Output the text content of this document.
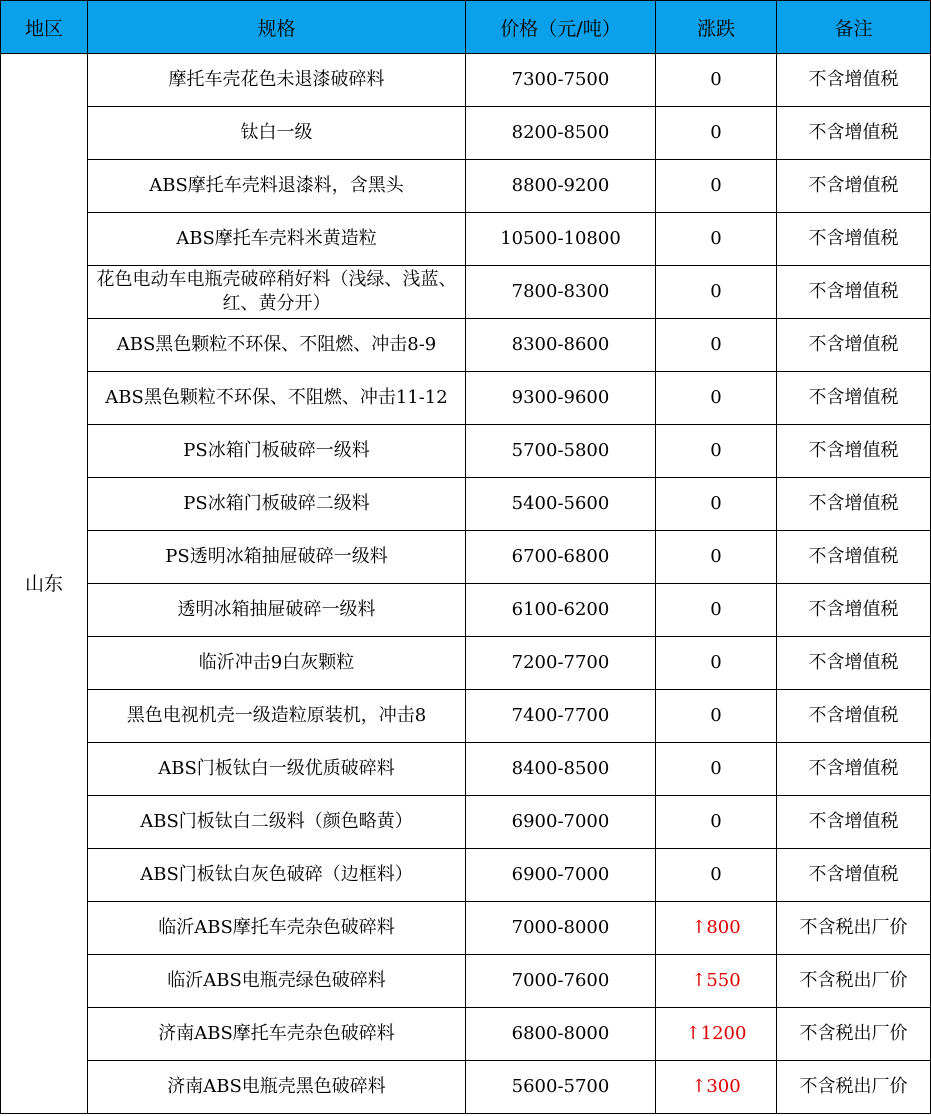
地区	规格	价格（元/吨）	涨跌	备注
山东	摩托车壳花色未退漆破碎料	7300-7500	0	不含增值税
	钛白一级	8200-8500	0	不含增值税
	ABS摩托车壳料退漆料，含黑头	8800-9200	0	不含增值税
	ABS摩托车壳料米黄造粒	10500-10800	0	不含增值税
	花色电动车电瓶壳破碎稍好料（浅绿、浅蓝、红、黄分开）	7800-8300	0	不含增值税
	ABS黑色颗粒不环保、不阻燃、冲击8-9	8300-8600	0	不含增值税
	ABS黑色颗粒不环保、不阻燃、冲击11-12	9300-9600	0	不含增值税
	PS冰箱门板破碎一级料	5700-5800	0	不含增值税
	PS冰箱门板破碎二级料	5400-5600	0	不含增值税
	PS透明冰箱抽屉破碎一级料	6700-6800	0	不含增值税
	透明冰箱抽屉破碎一级料	6100-6200	0	不含增值税
	临沂冲击9白灰颗粒	7200-7700	0	不含增值税
	黑色电视机壳一级造粒原装机，冲击8	7400-7700	0	不含增值税
	ABS门板钛白一级优质破碎料	8400-8500	0	不含增值税
	ABS门板钛白二级料（颜色略黄）	6900-7000	0	不含增值税
	ABS门板钛白灰色破碎（边框料）	6900-7000	0	不含增值税
	临沂ABS摩托车壳杂色破碎料	7000-8000	↑800	不含税出厂价
	临沂ABS电瓶壳绿色破碎料	7000-7600	↑550	不含税出厂价
	济南ABS摩托车壳杂色破碎料	6800-8000	↑1200	不含税出厂价
	济南ABS电瓶壳黑色破碎料	5600-5700	↑300	不含税出厂价
